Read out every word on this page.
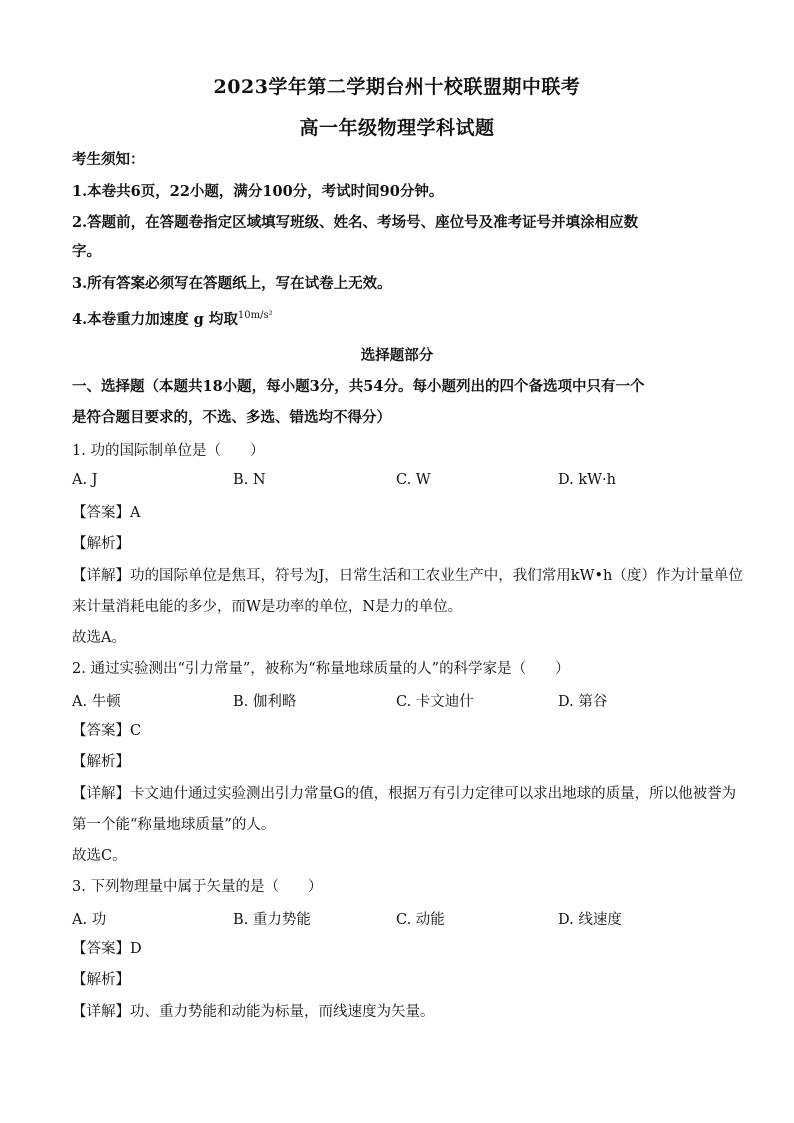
2023学年第二学期台州十校联盟期中联考
高一年级物理学科试题
考生须知：
1.本卷共6页，22小题，满分100分，考试时间90分钟。
2.答题前，在答题卷指定区域填写班级、姓名、考场号、座位号及准考证号并填涂相应数
字。
3.所有答案必须写在答题纸上，写在试卷上无效。
4.本卷重力加速度 g 均取$^{10m/s^2}$
选择题部分
一、选择题（本题共18小题，每小题3分，共54分。每小题列出的四个备选项中只有一个
是符合题目要求的，不选、多选、错选均不得分）
1. 功的国际制单位是（　　）
A. J	B. N	C. W	D. kW·h
【答案】A
【解析】
【详解】功的国际单位是焦耳，符号为J，日常生活和工农业生产中，我们常用kW•h（度）作为计量单位
来计量消耗电能的多少，而W是功率的单位，N是力的单位。
故选A。
2. 通过实验测出“引力常量”，被称为“称量地球质量的人”的科学家是（　　）
A. 牛顿	B. 伽利略	C. 卡文迪什	D. 第谷
【答案】C
【解析】
【详解】卡文迪什通过实验测出引力常量G的值，根据万有引力定律可以求出地球的质量，所以他被誉为
第一个能“称量地球质量”的人。
故选C。
3. 下列物理量中属于矢量的是（　　）
A. 功	B. 重力势能	C. 动能	D. 线速度
【答案】D
【解析】
【详解】功、重力势能和动能为标量，而线速度为矢量。
